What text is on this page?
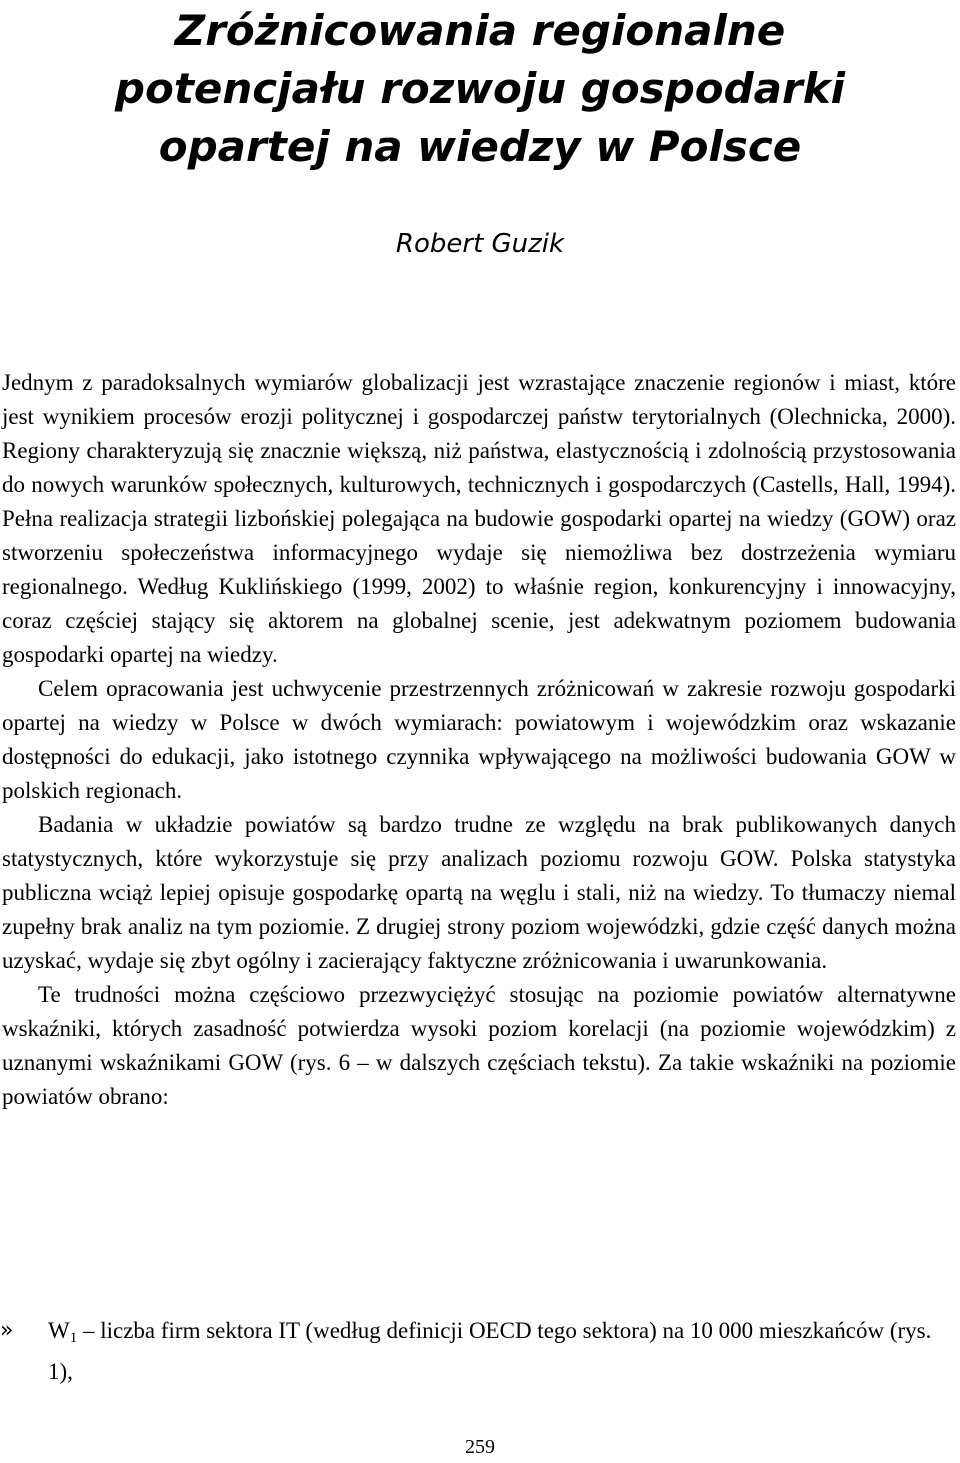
Zróżnicowania regionalne
potencjału rozwoju gospodarki
opartej na wiedzy w Polsce
Robert Guzik

Jednym z paradoksalnych wymiarów globalizacji jest wzrastające znaczenie regionów i miast, które jest wynikiem procesów erozji politycznej i gospodarczej państw terytorialnych (Olechnicka, 2000). Regiony charakteryzują się znacznie większą, niż państwa, elastycznością i zdolnością przystosowania do nowych warunków społecznych, kulturowych, technicznych i gospodarczych (Castells, Hall, 1994). Pełna realizacja strategii lizbońskiej polegająca na budowie gospodarki opartej na wiedzy (GOW) oraz stworzeniu społeczeństwa informacyjnego wydaje się niemożliwa bez dostrzeżenia wymiaru regionalnego. Według Kuklińskiego (1999, 2002) to właśnie region, konkurencyjny i innowacyjny, coraz częściej stający się aktorem na globalnej scenie, jest adekwatnym poziomem budowania gospodarki opartej na wiedzy.

Celem opracowania jest uchwycenie przestrzennych zróżnicowań w zakresie rozwoju gospodarki opartej na wiedzy w Polsce w dwóch wymiarach: powiatowym i wojewódzkim oraz wskazanie dostępności do edukacji, jako istotnego czynnika wpływającego na możliwości budowania GOW w polskich regionach.

Badania w układzie powiatów są bardzo trudne ze względu na brak publikowanych danych statystycznych, które wykorzystuje się przy analizach poziomu rozwoju GOW. Polska statystyka publiczna wciąż lepiej opisuje gospodarkę opartą na węglu i stali, niż na wiedzy. To tłumaczy niemal zupełny brak analiz na tym poziomie. Z drugiej strony poziom wojewódzki, gdzie część danych można uzyskać, wydaje się zbyt ogólny i zacierający faktyczne zróżnicowania i uwarunkowania.

Te trudności można częściowo przezwyciężyć stosując na poziomie powiatów alternatywne wskaźniki, których zasadność potwierdza wysoki poziom korelacji (na poziomie wojewódzkim) z uznanymi wskaźnikami GOW (rys. 6 – w dalszych częściach tekstu). Za takie wskaźniki na poziomie powiatów obrano:

» $W_1$ – liczba firm sektora IT (według definicji OECD tego sektora) na 10 000 mieszkańców (rys. 1),
259
